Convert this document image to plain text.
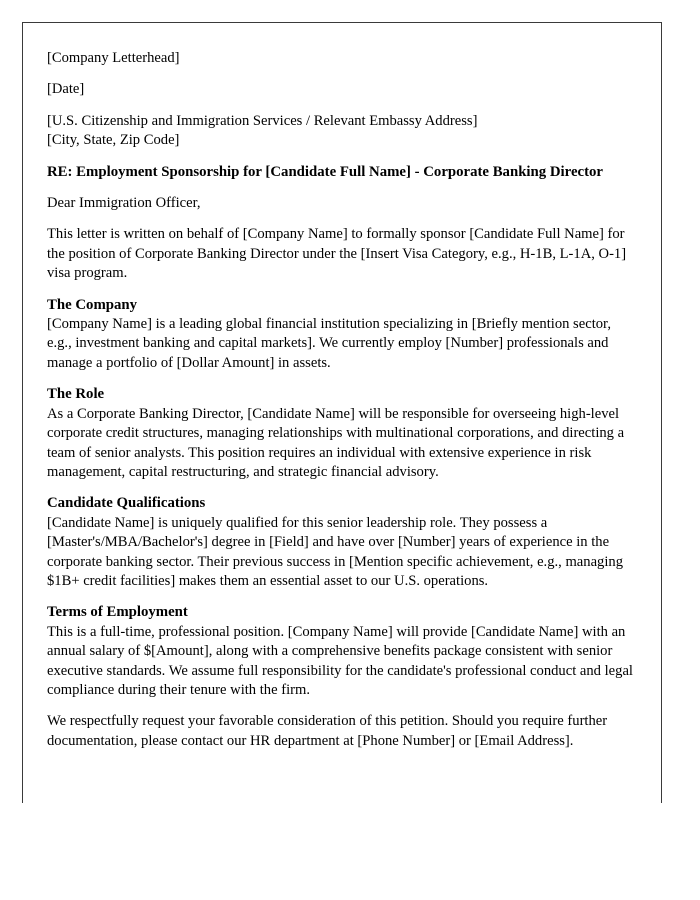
[Company Letterhead]

[Date]

[U.S. Citizenship and Immigration Services / Relevant Embassy Address]
[City, State, Zip Code]

RE: Employment Sponsorship for [Candidate Full Name] - Corporate Banking Director

Dear Immigration Officer,

This letter is written on behalf of [Company Name] to formally sponsor [Candidate Full Name] for the position of Corporate Banking Director under the [Insert Visa Category, e.g., H-1B, L-1A, O-1] visa program.

The Company

[Company Name] is a leading global financial institution specializing in [Briefly mention sector, e.g., investment banking and capital markets]. We currently employ [Number] professionals and manage a portfolio of [Dollar Amount] in assets.

The Role

As a Corporate Banking Director, [Candidate Name] will be responsible for overseeing high-level corporate credit structures, managing relationships with multinational corporations, and directing a team of senior analysts. This position requires an individual with extensive experience in risk management, capital restructuring, and strategic financial advisory.

Candidate Qualifications

[Candidate Name] is uniquely qualified for this senior leadership role. They possess a [Master's/MBA/Bachelor's] degree in [Field] and have over [Number] years of experience in the corporate banking sector. Their previous success in [Mention specific achievement, e.g., managing $1B+ credit facilities] makes them an essential asset to our U.S. operations.

Terms of Employment

This is a full-time, professional position. [Company Name] will provide [Candidate Name] with an annual salary of $[Amount], along with a comprehensive benefits package consistent with senior executive standards. We assume full responsibility for the candidate's professional conduct and legal compliance during their tenure with the firm.

We respectfully request your favorable consideration of this petition. Should you require further documentation, please contact our HR department at [Phone Number] or [Email Address].
